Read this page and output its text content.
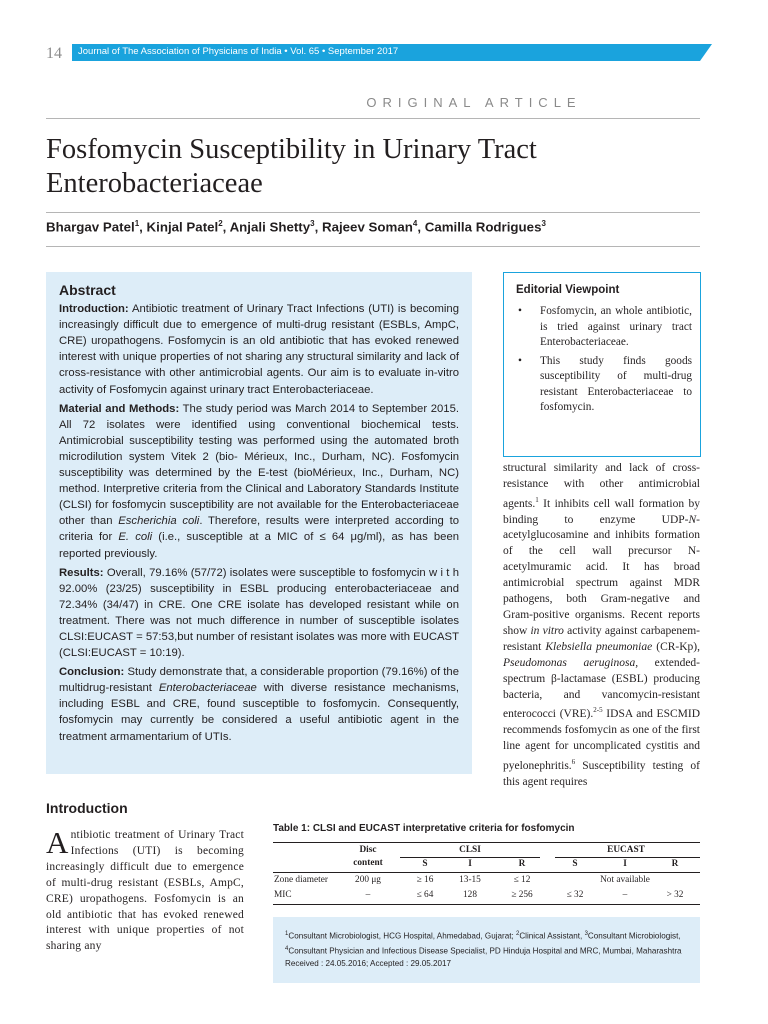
14 Journal of The Association of Physicians of India • Vol. 65 • September 2017
ORIGINAL ARTICLE
Fosfomycin Susceptibility in Urinary Tract Enterobacteriaceae
Bhargav Patel$^1$, Kinjal Patel$^2$, Anjali Shetty$^3$, Rajeev Soman$^4$, Camilla Rodrigues$^3$
Abstract

Introduction: Antibiotic treatment of Urinary Tract Infections (UTI) is becoming increasingly difficult due to emergence of multi-drug resistant (ESBLs, AmpC, CRE) uropathogens. Fosfomycin is an old antibiotic that has evoked renewed interest with unique properties of not sharing any structural similarity and lack of cross-resistance with other antimicrobial agents. Our aim is to evaluate in-vitro activity of Fosfomycin against urinary tract Enterobacteriaceae.

Material and Methods: The study period was March 2014 to September 2015. All 72 isolates were identified using conventional biochemical tests. Antimicrobial susceptibility testing was performed using the automated broth microdilution system Vitek 2 (bio- Mérieux, Inc., Durham, NC). Fosfomycin susceptibility was determined by the E-test (bioMérieux, Inc., Durham, NC) method. Interpretive criteria from the Clinical and Laboratory Standards Institute (CLSI) for fosfomycin susceptibility are not available for the Enterobacteriaceae other than Escherichia coli. Therefore, results were interpreted according to criteria for E. coli (i.e., susceptible at a MIC of ≤ 64 μg/ml), as has been reported previously.

Results: Overall, 79.16% (57/72) isolates were susceptible to fosfomycin w i t h 92.00% (23/25) susceptibility in ESBL producing enterobacteriaceae and 72.34% (34/47) in CRE. One CRE isolate has developed resistant while on treatment. There was not much difference in number of susceptible isolates CLSI:EUCAST = 57:53,but number of resistant isolates was more with EUCAST (CLSI:EUCAST = 10:19).

Conclusion: Study demonstrate that, a considerable proportion (79.16%) of the multidrug-resistant Enterobacteriaceae with diverse resistance mechanisms, including ESBL and CRE, found susceptible to fosfomycin. Consequently, fosfomycin may currently be considered a useful antibiotic agent in the treatment armamentarium of UTIs.

Editorial Viewpoint
• Fosfomycin, an whole antibiotic, is tried against urinary tract Enterobacteriaceae.
• This study finds goods susceptibility of multi-drug resistant Enterobacteriaceae to fosfomycin.
structural similarity and lack of cross-resistance with other antimicrobial agents.$^1$ It inhibits cell wall formation by binding to enzyme UDP-N-acetylglucosamine and inhibits formation of the cell wall precursor N-acetylmuramic acid. It has broad antimicrobial spectrum against MDR pathogens, both Gram-negative and Gram-positive organisms. Recent reports show in vitro activity against carbapenem-resistant Klebsiella pneumoniae (CR-Kp), Pseudomonas aeruginosa, extended-spectrum β-lactamase (ESBL) producing bacteria, and vancomycin-resistant enterococci (VRE).$^{2-5}$ IDSA and ESCMID recommends fosfomycin as one of the first line agent for uncomplicated cystitis and pyelonephritis.$^6$ Susceptibility testing of this agent requires
Introduction
Antibiotic treatment of Urinary Tract Infections (UTI) is becoming increasingly difficult due to emergence of multi-drug resistant (ESBLs, AmpC, CRE) uropathogens. Fosfomycin is an old antibiotic that has evoked renewed interest with unique properties of not sharing any
Table 1: CLSI and EUCAST interpretative criteria for fosfomycin
Disc
content
CLSI	EUCAST
S	I	R	S	I	R
Zone diameter	200 μg	≥ 16	13-15	≤ 12	Not available
MIC	–	≤ 64	128	≥ 256	≤ 32	–	> 32
$^1$Consultant Microbiologist, HCG Hospital, Ahmedabad, Gujarat; $^2$Clinical Assistant, $^3$Consultant Microbiologist,
$^4$Consultant Physician and Infectious Disease Specialist, PD Hinduja Hospital and MRC, Mumbai, Maharashtra
Received : 24.05.2016; Accepted : 29.05.2017
